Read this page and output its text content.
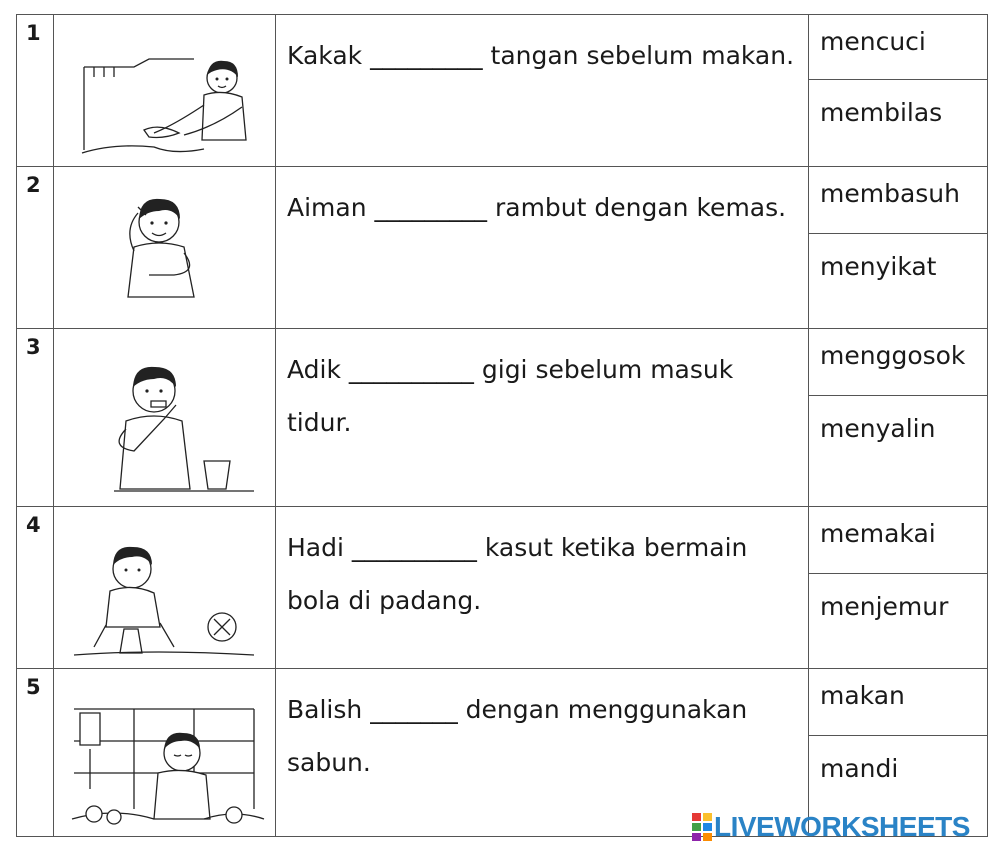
1		Kakak _________ tangan sebelum makan.	mencuci

			membilas

2		Aiman _________ rambut dengan kemas.	membasuh

			menyikat

3		Adik __________ gigi sebelum masuk tidur.	menggosok

			menyalin

4		Hadi __________ kasut ketika bermain bola di padang.	memakai

			menjemur

5		Balish _______ dengan menggunakan sabun.	makan

			mandi
LIVEWORKSHEETS
